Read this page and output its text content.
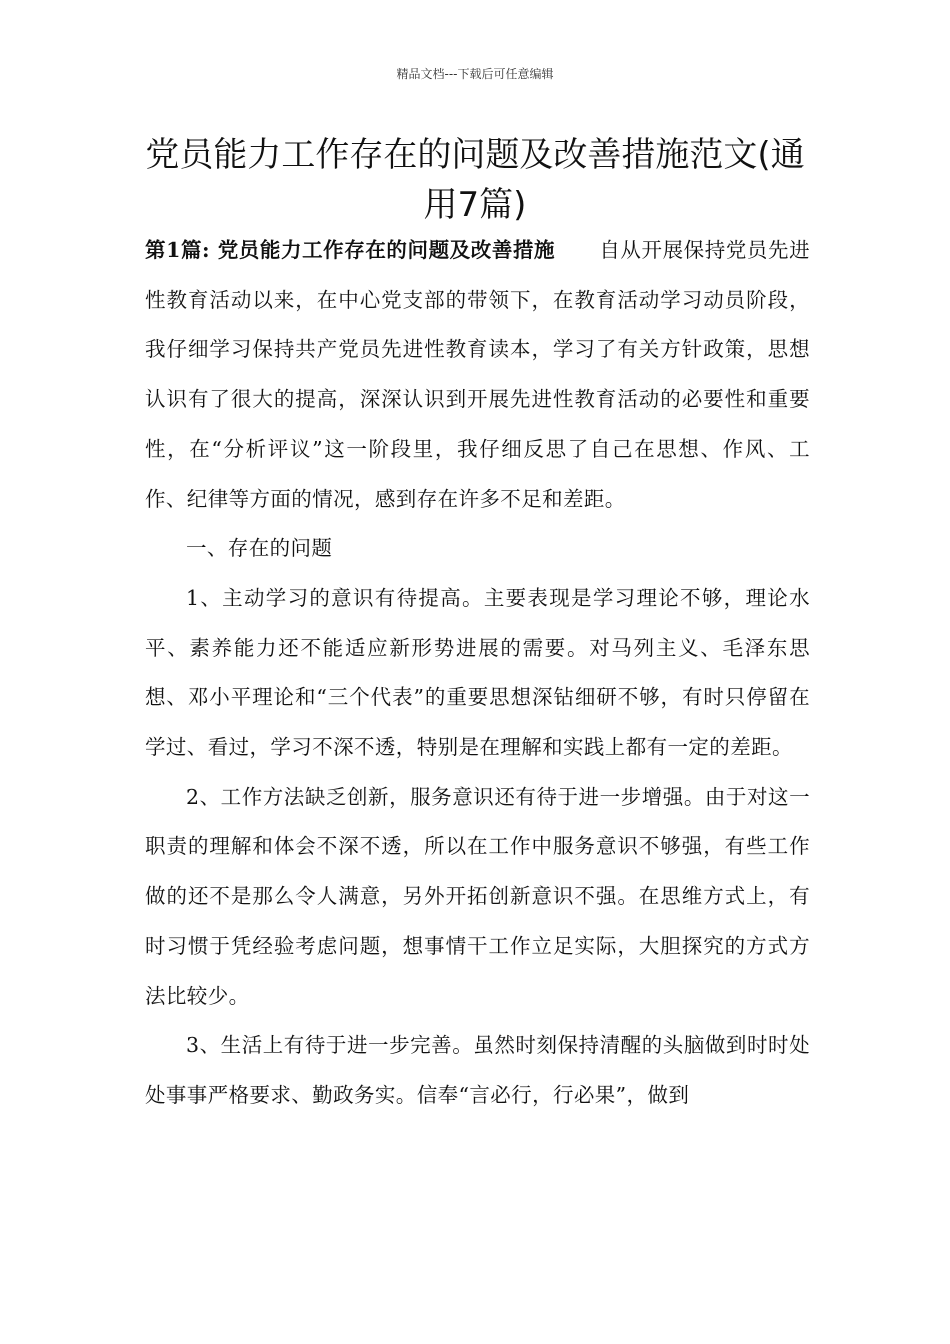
精品文档---下载后可任意编辑
党员能力工作存在的问题及改善措施范文(通用7篇)

第1篇: 党员能力工作存在的问题及改善措施 自从开展保持党员先进性教育活动以来，在中心党支部的带领下，在教育活动学习动员阶段，我仔细学习保持共产党员先进性教育读本，学习了有关方针政策，思想认识有了很大的提高，深深认识到开展先进性教育活动的必要性和重要性，在“分析评议”这一阶段里，我仔细反思了自己在思想、作风、工作、纪律等方面的情况，感到存在许多不足和差距。

一、存在的问题

1、主动学习的意识有待提高。主要表现是学习理论不够，理论水平、素养能力还不能适应新形势进展的需要。对马列主义、毛泽东思想、邓小平理论和“三个代表”的重要思想深钻细研不够，有时只停留在学过、看过，学习不深不透，特别是在理解和实践上都有一定的差距。

2、工作方法缺乏创新，服务意识还有待于进一步增强。由于对这一职责的理解和体会不深不透，所以在工作中服务意识不够强，有些工作做的还不是那么令人满意，另外开拓创新意识不强。在思维方式上，有时习惯于凭经验考虑问题，想事情干工作立足实际，大胆探究的方式方法比较少。

3、生活上有待于进一步完善。虽然时刻保持清醒的头脑做到时时处处事事严格要求、勤政务实。信奉“言必行，行必果”，做到
